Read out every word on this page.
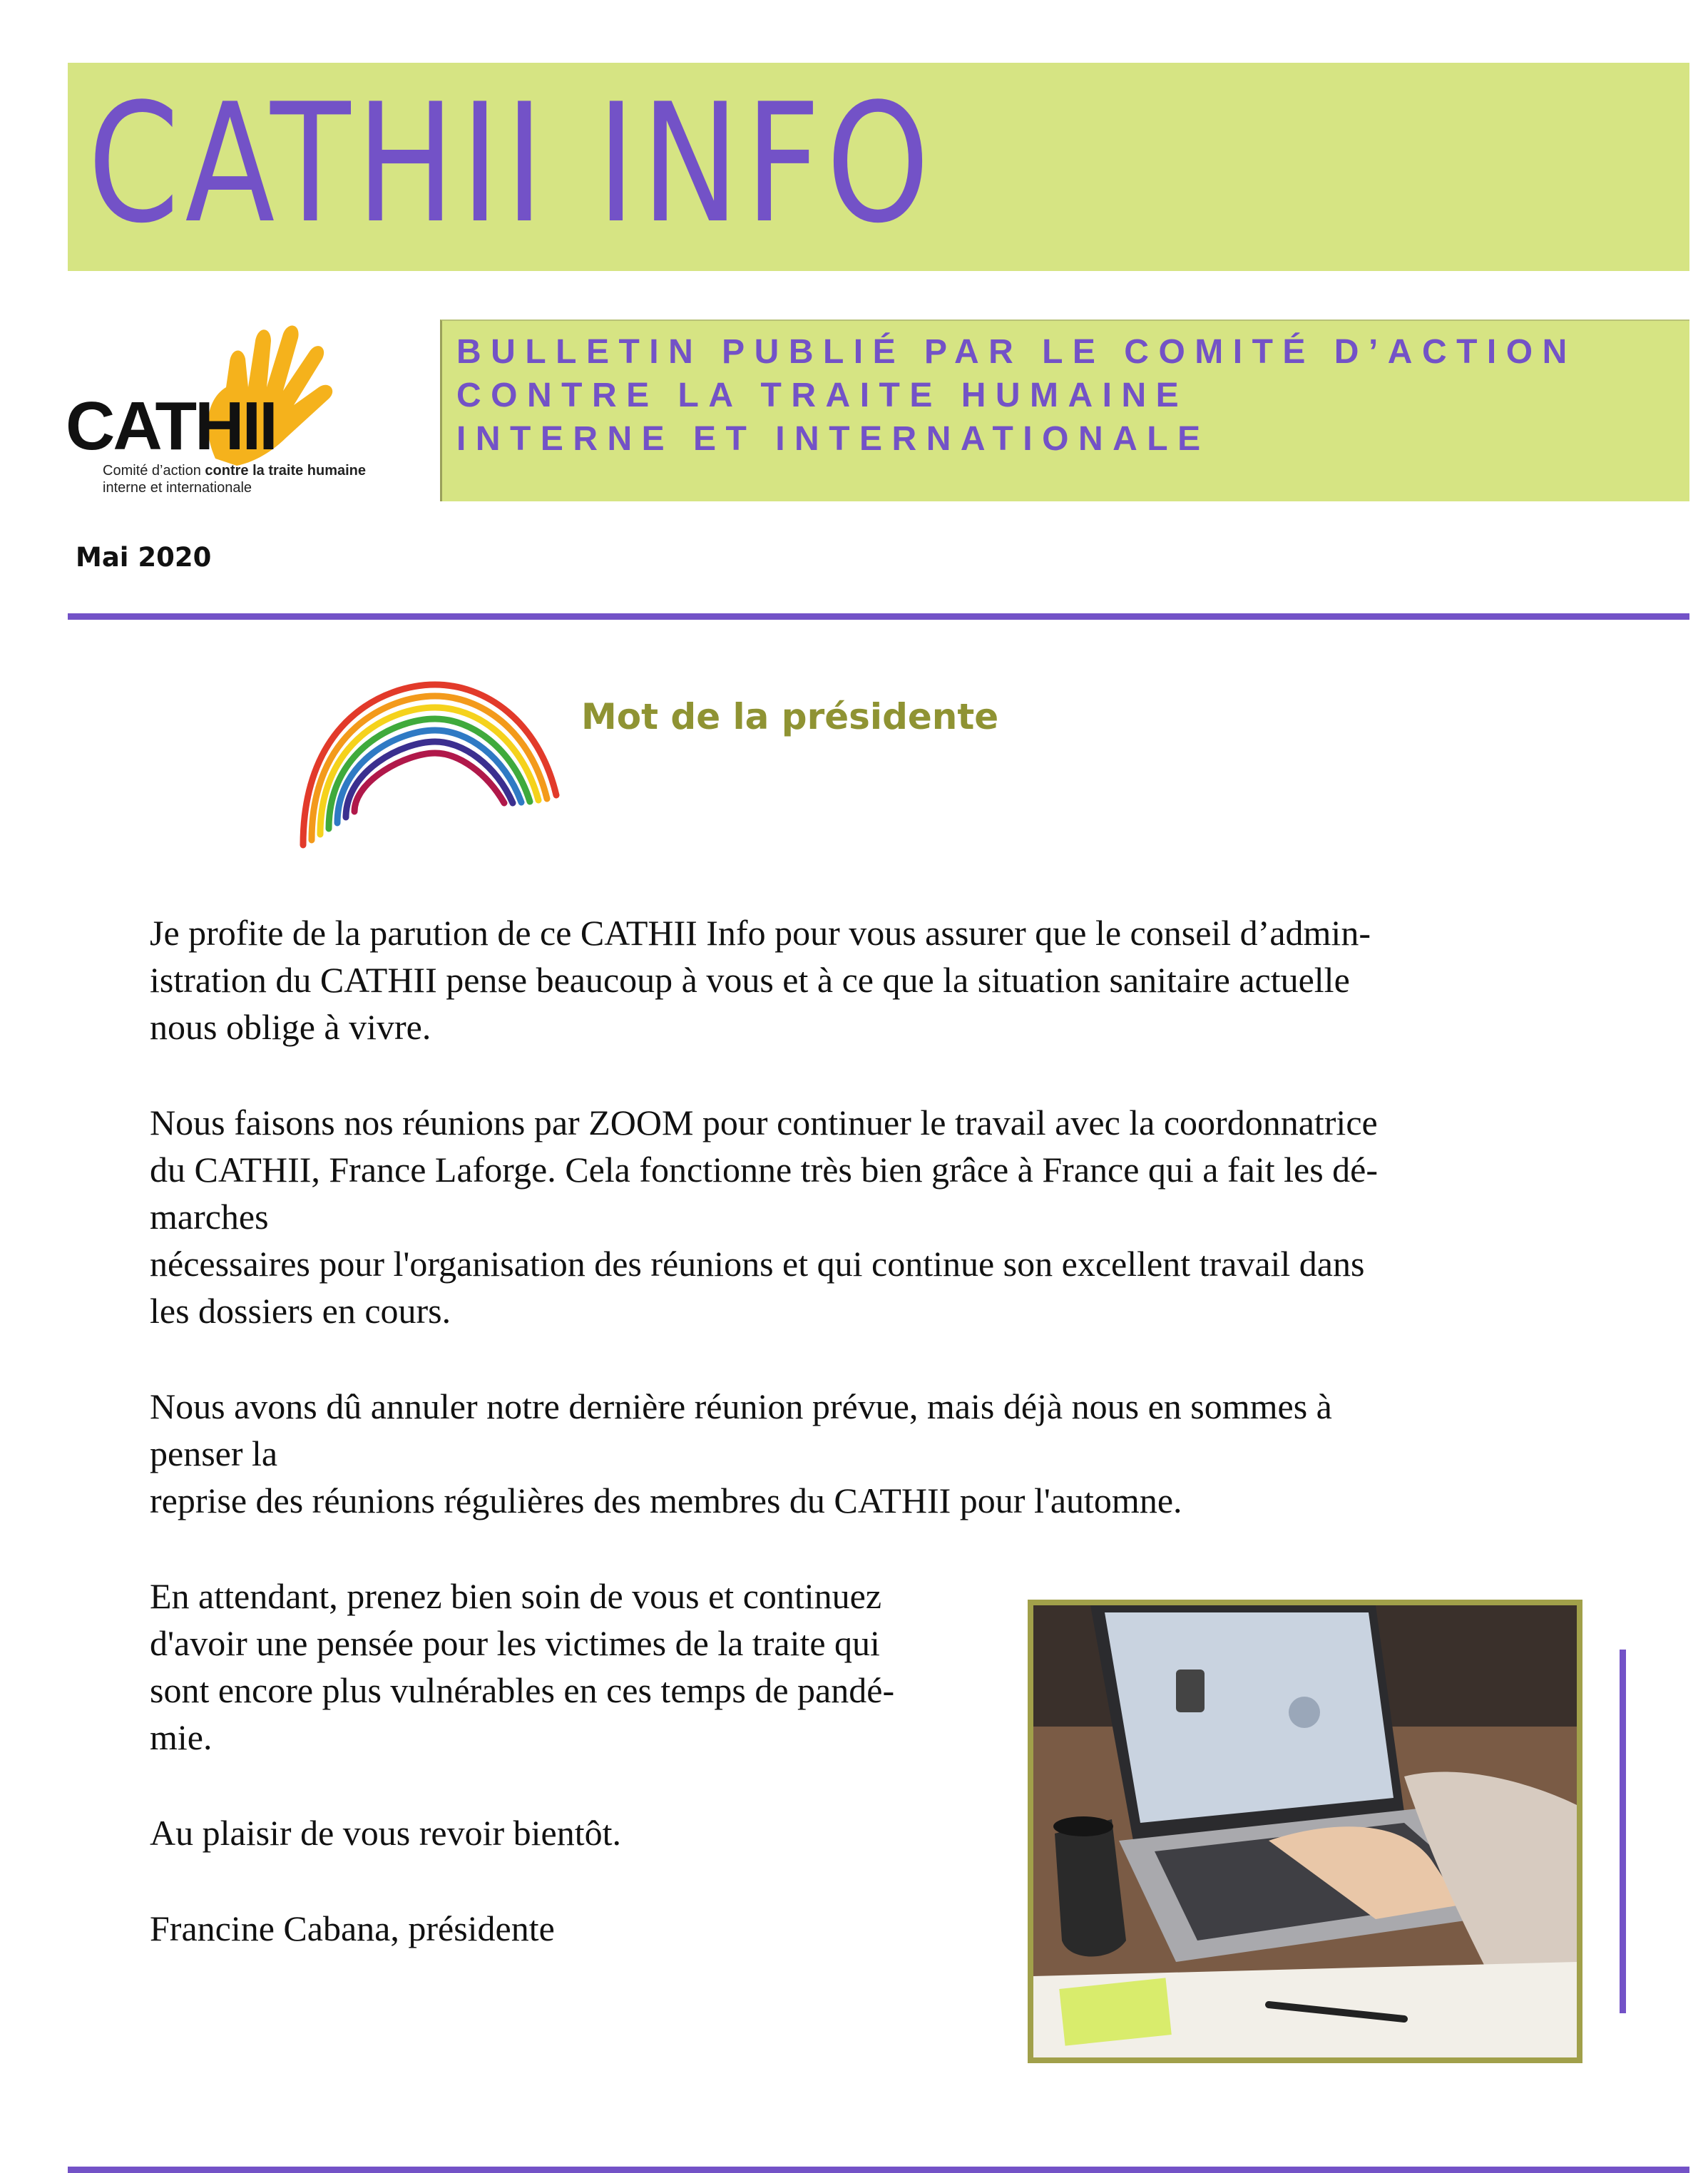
CATHII INFO
CATHII
Comité d’action contre la traite humaine
interne et internationale
BULLETIN PUBLIÉ PAR LE COMITÉ D’ACTION
CONTRE LA TRAITE HUMAINE
INTERNE ET INTERNATIONALE
Mai 2020
Mot de la présidente

Je profite de la parution de ce CATHII Info pour vous assurer que le conseil d’admin-
istration du CATHII pense beaucoup à vous et à ce que la situation sanitaire actuelle
nous oblige à vivre.

Nous faisons nos réunions par ZOOM pour continuer le travail avec la coordonnatrice
du CATHII, France Laforge. Cela fonctionne très bien grâce à France qui a fait les dé-
marches
nécessaires pour l'organisation des réunions et qui continue son excellent travail dans
les dossiers en cours.

Nous avons dû annuler notre dernière réunion prévue, mais déjà nous en sommes à
penser la
reprise des réunions régulières des membres du CATHII pour l'automne.

En attendant, prenez bien soin de vous et continuez
d'avoir une pensée pour les victimes de la traite qui
sont encore plus vulnérables en ces temps de pandé-
mie.

Au plaisir de vous revoir bientôt.

Francine Cabana, présidente
